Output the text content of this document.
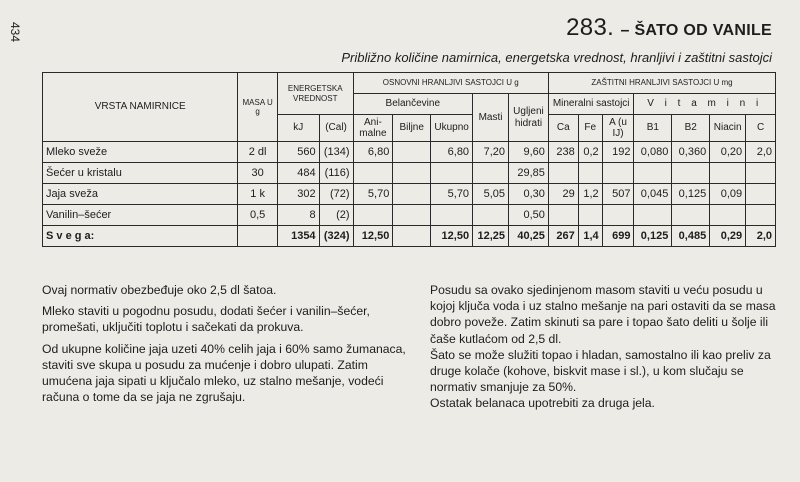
434	283. – ŠATO OD VANILE
Približno količine namirnica, energetska vrednost, hranljivi i zaštitni sastojci
VRSTA NAMIRNICE	MASA U g	ENERGETSKA VREDNOST		OSNOVNI HRANLJIVI SASTOJCI U g					ZAŠTITNI HRANLJIVI SASTOJCI U mg						
				Belančevine			Masti	Ugljeni hidrati	Mineralni sastojci			V i t a m i n i			
		kJ	(Cal)	Ani-malne	Biljne	Ukupno			Ca	Fe	A (u IJ)	B1	B2	Niacin	C
Mleko sveže	2 dl	560	(134)	6,80		6,80	7,20	9,60	238	0,2	192	0,080	0,360	0,20	2,0
Šećer u kristalu	30	484	(116)					29,85							
Jaja sveža	1 k	302	(72)	5,70		5,70	5,05	0,30	29	1,2	507	0,045	0,125	0,09	
Vanilin–šećer	0,5	8	(2)					0,50							
S v e g a:		1354	(324)	12,50		12,50	12,25	40,25	267	1,4	699	0,125	0,485	0,29	2,0

Ovaj normativ obezbeđuje oko 2,5 dl šatoa.

Mleko staviti u pogodnu posudu, dodati šećer i vanilin–šećer, promešati, uključiti toplotu i sačekati da prokuva.

Od ukupne količine jaja uzeti 40% celih jaja i 60% samo žumanaca, staviti sve skupa u posudu za mućenje i dobro ulupati. Zatim umućena jaja sipati u ključalo mleko, uz stalno mešanje, vodeći računa o tome da se jaja ne zgrušaju.

Posudu sa ovako sjedinjenom masom staviti u veću posudu u kojoj ključa voda i uz stalno mešanje na pari ostaviti da se masa dobro poveže. Zatim skinuti sa pare i topao šato deliti u šolje ili čaše kutlaćom od 2,5 dl.

Šato se može služiti topao i hladan, samostalno ili kao preliv za druge kolače (kohove, biskvit mase i sl.), u kom slučaju se normativ smanjuje za 50%.

Ostatak belanaca upotrebiti za druga jela.
